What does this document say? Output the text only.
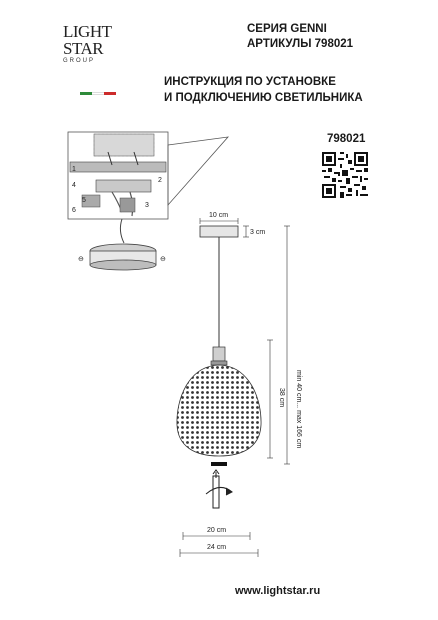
LIGHT
STAR
GROUP
СЕРИЯ GENNI
АРТИКУЛЫ 798021
ИНСТРУКЦИЯ ПО УСТАНОВКЕ
И ПОДКЛЮЧЕНИЮ СВЕТИЛЬНИКА
798021
1
4
6
2
3
5
⊖	⊖
10 cm
3 cm
min 40 cm... max 166 cm
38 cm
20 cm
24 cm
www.lightstar.ru
